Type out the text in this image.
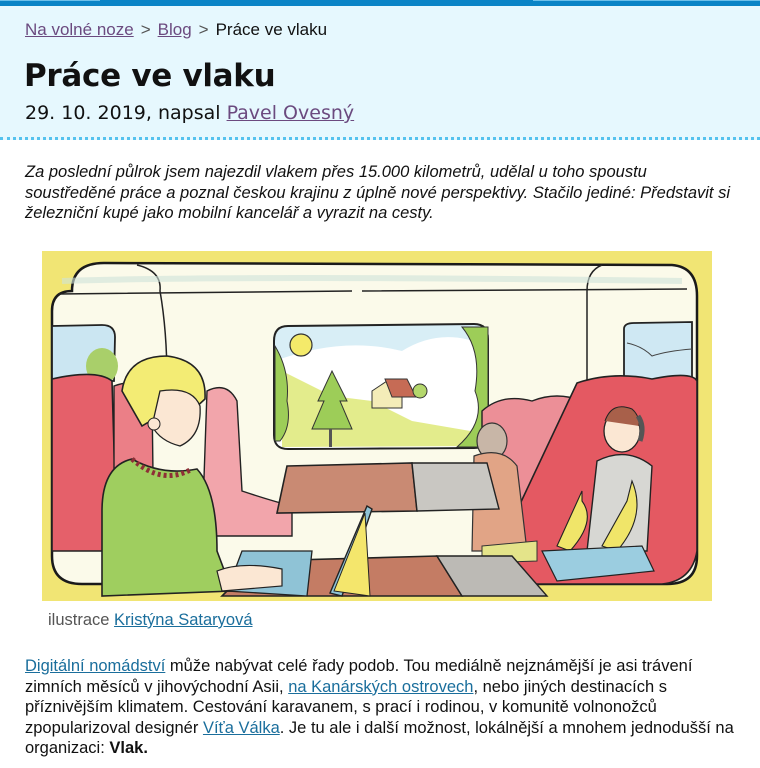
Na volné noze > Blog > Práce ve vlaku
Práce ve vlaku
29. 10. 2019, napsal Pavel Ovesný

Za poslední půlrok jsem najezdil vlakem přes 15.000 kilometrů, udělal u toho spoustu soustředěné práce a poznal českou krajinu z úplně nové perspektivy. Stačilo jediné: Představit si železniční kupé jako mobilní kancelář a vyrazit na cesty.

ilustrace Kristýna Sataryová

Digitální nomádství může nabývat celé řady podob. Tou mediálně nejznámější je asi trávení zimních měsíců v jihovýchodní Asii, na Kanárských ostrovech, nebo jiných destinacích s příznivějším klimatem. Cestování karavanem, s prací i rodinou, v komunitě volnonožců zpopularizoval designér Víťa Válka. Je tu ale i další možnost, lokálnější a mnohem jednodušší na organizaci: Vlak.
